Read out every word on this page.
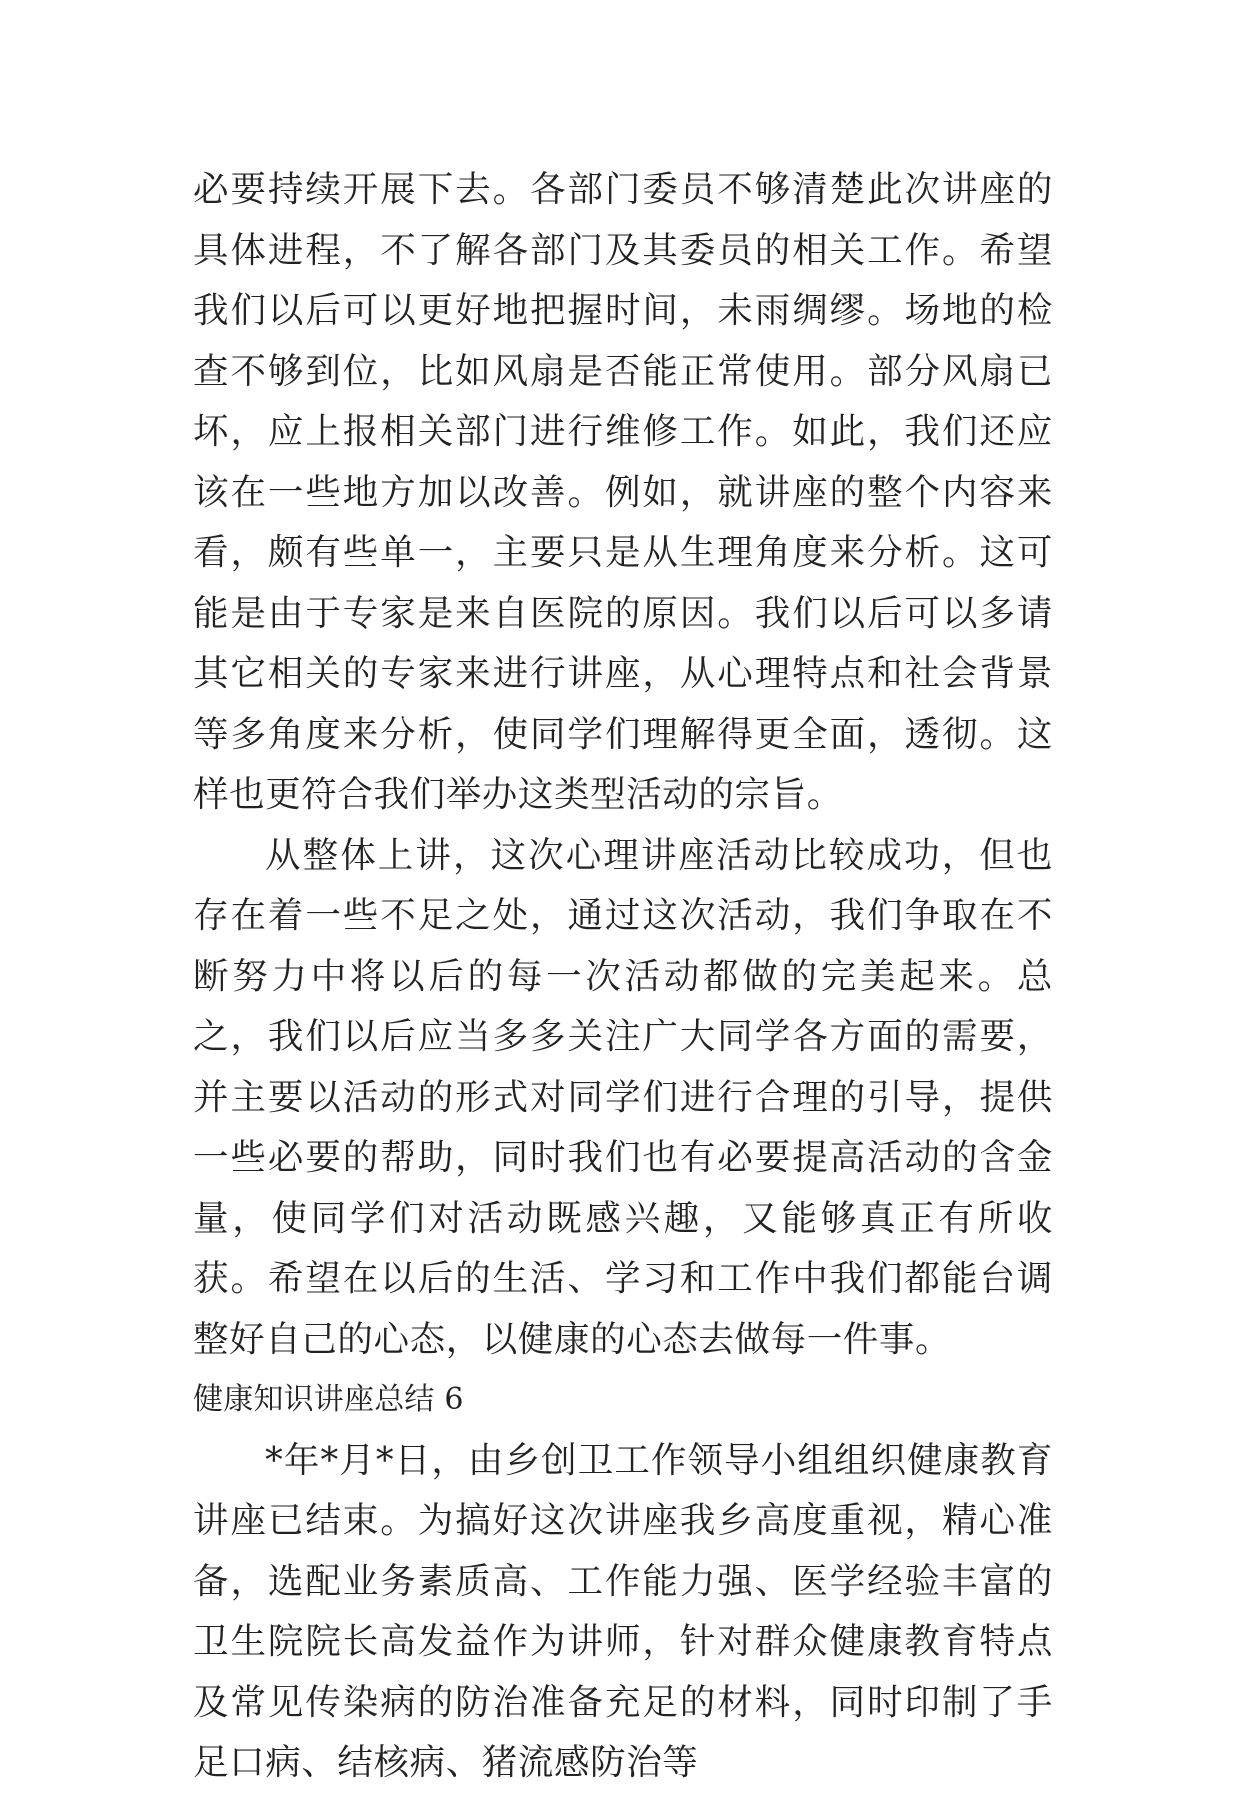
必要持续开展下去。各部门委员不够清楚此次讲座的具体进程，不了解各部门及其委员的相关工作。希望我们以后可以更好地把握时间，未雨绸缪。场地的检查不够到位，比如风扇是否能正常使用。部分风扇已坏，应上报相关部门进行维修工作。如此，我们还应该在一些地方加以改善。例如，就讲座的整个内容来看，颇有些单一，主要只是从生理角度来分析。这可能是由于专家是来自医院的原因。我们以后可以多请其它相关的专家来进行讲座，从心理特点和社会背景等多角度来分析，使同学们理解得更全面，透彻。这样也更符合我们举办这类型活动的宗旨。

从整体上讲，这次心理讲座活动比较成功，但也存在着一些不足之处，通过这次活动，我们争取在不断努力中将以后的每一次活动都做的完美起来。总之，我们以后应当多多关注广大同学各方面的需要，并主要以活动的形式对同学们进行合理的引导，提供一些必要的帮助，同时我们也有必要提高活动的含金量，使同学们对活动既感兴趣，又能够真正有所收获。希望在以后的生活、学习和工作中我们都能台调整好自己的心态，以健康的心态去做每一件事。

健康知识讲座总结 6

*年*月*日，由乡创卫工作领导小组组织健康教育讲座已结束。为搞好这次讲座我乡高度重视，精心准备，选配业务素质高、工作能力强、医学经验丰富的卫生院院长高发益作为讲师，针对群众健康教育特点及常见传染病的防治准备充足的材料，同时印制了手足口病、结核病、猪流感防治等
